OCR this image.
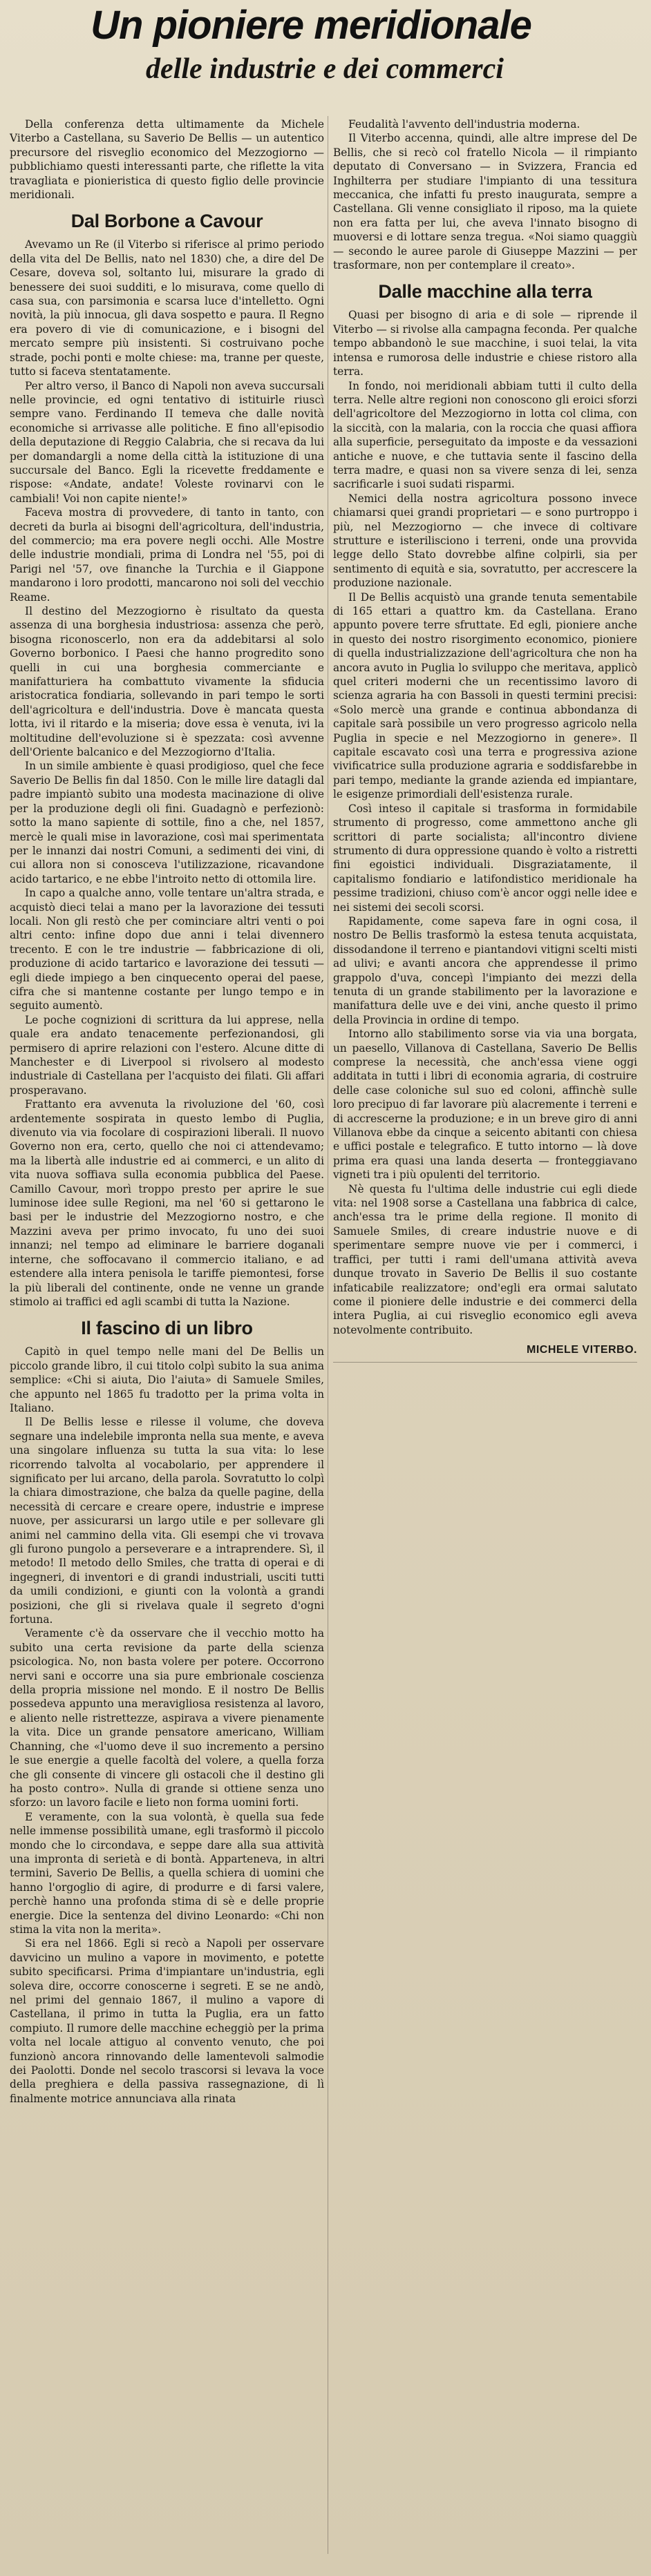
Un pioniere meridionale
delle industrie e dei commerci

Della conferenza detta ultimamente da Michele Viterbo a Castellana, su Saverio De Bellis — un autentico precursore del risveglio economico del Mezzogiorno — pubblichiamo questi interessanti parte, che riflette la vita travagliata e pionieristica di questo figlio delle provincie meridionali.

Dal Borbone a Cavour

Avevamo un Re (il Viterbo si riferisce al primo periodo della vita del De Bellis, nato nel 1830) che, a dire del De Cesare, doveva sol, soltanto lui, misurare la grado di benessere dei suoi sudditi, e lo misurava, come quello di casa sua, con parsimonia e scarsa luce d'intelletto. Ogni novità, la più innocua, gli dava sospetto e paura. Il Regno era povero di vie di comunicazione, e i bisogni del mercato sempre più insistenti. Si costruivano poche strade, pochi ponti e molte chiese: ma, tranne per queste, tutto si faceva stentatamente.

Per altro verso, il Banco di Napoli non aveva succursali nelle provincie, ed ogni tentativo di istituirle riuscì sempre vano. Ferdinando II temeva che dalle novità economiche si arrivasse alle politiche. E fino all'episodio della deputazione di Reggio Calabria, che si recava da lui per domandargli a nome della città la istituzione di una succursale del Banco. Egli la ricevette freddamente e rispose: «Andate, andate! Voleste rovinarvi con le cambiali! Voi non capite niente!»

Faceva mostra di provvedere, di tanto in tanto, con decreti da burla ai bisogni dell'agricoltura, dell'industria, del commercio; ma era povere negli occhi. Alle Mostre delle industrie mondiali, prima di Londra nel '55, poi di Parigi nel '57, ove finanche la Turchia e il Giappone mandarono i loro prodotti, mancarono noi soli del vecchio Reame.

Il destino del Mezzogiorno è risultato da questa assenza di una borghesia industriosa: assenza che però, bisogna riconoscerlo, non era da addebitarsi al solo Governo borbonico. I Paesi che hanno progredito sono quelli in cui una borghesia commerciante e manifatturiera ha combattuto vivamente la sfiducia aristocratica fondiaria, sollevando in pari tempo le sorti dell'agricoltura e dell'industria. Dove è mancata questa lotta, ivi il ritardo e la miseria; dove essa è venuta, ivi la moltitudine dell'evoluzione si è spezzata: così avvenne dell'Oriente balcanico e del Mezzogiorno d'Italia.

In un simile ambiente è quasi prodigioso, quel che fece Saverio De Bellis fin dal 1850. Con le mille lire datagli dal padre impiantò subito una modesta macinazione di olive per la produzione degli oli fini. Guadagnò e perfezionò: sotto la mano sapiente di sottile, fino a che, nel 1857, mercè le quali mise in lavorazione, così mai sperimentata per le innanzi dai nostri Comuni, a sedimenti dei vini, di cui allora non si conosceva l'utilizzazione, ricavandone acido tartarico, e ne ebbe l'introito netto di ottomila lire.

In capo a qualche anno, volle tentare un'altra strada, e acquistò dieci telai a mano per la lavorazione dei tessuti locali. Non gli restò che per cominciare altri venti o poi altri cento: infine dopo due anni i telai divennero trecento. E con le tre industrie — fabbricazione di oli, produzione di acido tartarico e lavorazione dei tessuti — egli diede impiego a ben cinquecento operai del paese, cifra che si mantenne costante per lungo tempo e in seguito aumentò.

Le poche cognizioni di scrittura da lui apprese, nella quale era andato tenacemente perfezionandosi, gli permisero di aprire relazioni con l'estero. Alcune ditte di Manchester e di Liverpool si rivolsero al modesto industriale di Castellana per l'acquisto dei filati. Gli affari prosperavano.

Frattanto era avvenuta la rivoluzione del '60, così ardentemente sospirata in questo lembo di Puglia, divenuto via via focolare di cospirazioni liberali. Il nuovo Governo non era, certo, quello che noi ci attendevamo; ma la libertà alle industrie ed ai commerci, e un alito di vita nuova soffiava sulla economia pubblica del Paese. Camillo Cavour, morì troppo presto per aprire le sue luminose idee sulle Regioni, ma nel '60 si gettarono le basi per le industrie del Mezzogiorno nostro, e che Mazzini aveva per primo invocato, fu uno dei suoi innanzi; nel tempo ad eliminare le barriere doganali interne, che soffocavano il commercio italiano, e ad estendere alla intera penisola le tariffe piemontesi, forse la più liberali del continente, onde ne venne un grande stimolo ai traffici ed agli scambi di tutta la Nazione.

Il fascino di un libro

Capitò in quel tempo nelle mani del De Bellis un piccolo grande libro, il cui titolo colpì subito la sua anima semplice: «Chi si aiuta, Dio l'aiuta» di Samuele Smiles, che appunto nel 1865 fu tradotto per la prima volta in Italiano.

Il De Bellis lesse e rilesse il volume, che doveva segnare una indelebile impronta nella sua mente, e aveva una singolare influenza su tutta la sua vita: lo lese ricorrendo talvolta al vocabolario, per apprendere il significato per lui arcano, della parola. Sovratutto lo colpì la chiara dimostrazione, che balza da quelle pagine, della necessità di cercare e creare opere, industrie e imprese nuove, per assicurarsi un largo utile e per sollevare gli animi nel cammino della vita. Gli esempi che vi trovava gli furono pungolo a perseverare e a intraprendere. Sì, il metodo! Il metodo dello Smiles, che tratta di operai e di ingegneri, di inventori e di grandi industriali, usciti tutti da umili condizioni, e giunti con la volontà a grandi posizioni, che gli si rivelava quale il segreto d'ogni fortuna.

Veramente c'è da osservare che il vecchio motto ha subito una certa revisione da parte della scienza psicologica. No, non basta volere per potere. Occorrono nervi sani e occorre una sia pure embrionale coscienza della propria missione nel mondo. E il nostro De Bellis possedeva appunto una meravigliosa resistenza al lavoro, e aliento nelle ristrettezze, aspirava a vivere pienamente la vita. Dice un grande pensatore americano, William Channing, che «l'uomo deve il suo incremento a persino le sue energie a quelle facoltà del volere, a quella forza che gli consente di vincere gli ostacoli che il destino gli ha posto contro». Nulla di grande si ottiene senza uno sforzo: un lavoro facile e lieto non forma uomini forti.

E veramente, con la sua volontà, è quella sua fede nelle immense possibilità umane, egli trasformò il piccolo mondo che lo circondava, e seppe dare alla sua attività una impronta di serietà e di bontà. Apparteneva, in altri termini, Saverio De Bellis, a quella schiera di uomini che hanno l'orgoglio di agire, di produrre e di farsi valere, perchè hanno una profonda stima di sè e delle proprie energie. Dice la sentenza del divino Leonardo: «Chi non stima la vita non la merita».

Si era nel 1866. Egli si recò a Napoli per osservare davvicino un mulino a vapore in movimento, e potette subito specificarsi. Prima d'impiantare un'industria, egli soleva dire, occorre conoscerne i segreti. E se ne andò, nel primi del gennaio 1867, il mulino a vapore di Castellana, il primo in tutta la Puglia, era un fatto compiuto. Il rumore delle macchine echeggiò per la prima volta nel locale attiguo al convento venuto, che poi funzionò ancora rinnovando delle lamentevoli salmodie dei Paolotti. Donde nel secolo trascorsi si levava la voce della preghiera e della passiva rassegnazione, di lì finalmente motrice annunciava alla rinata

Feudalità l'avvento dell'industria moderna.

Il Viterbo accenna, quindi, alle altre imprese del De Bellis, che si recò col fratello Nicola — il rimpianto deputato di Conversano — in Svizzera, Francia ed Inghilterra per studiare l'impianto di una tessitura meccanica, che infatti fu presto inaugurata, sempre a Castellana. Gli venne consigliato il riposo, ma la quiete non era fatta per lui, che aveva l'innato bisogno di muoversi e di lottare senza tregua. «Noi siamo quaggiù — secondo le auree parole di Giuseppe Mazzini — per trasformare, non per contemplare il creato».

Dalle macchine alla terra

Quasi per bisogno di aria e di sole — riprende il Viterbo — si rivolse alla campagna feconda. Per qualche tempo abbandonò le sue macchine, i suoi telai, la vita intensa e rumorosa delle industrie e chiese ristoro alla terra.

In fondo, noi meridionali abbiam tutti il culto della terra. Nelle altre regioni non conoscono gli eroici sforzi dell'agricoltore del Mezzogiorno in lotta col clima, con la siccità, con la malaria, con la roccia che quasi affiora alla superficie, perseguitato da imposte e da vessazioni antiche e nuove, e che tuttavia sente il fascino della terra madre, e quasi non sa vivere senza di lei, senza sacrificarle i suoi sudati risparmi.

Nemici della nostra agricoltura possono invece chiamarsi quei grandi proprietari — e sono purtroppo i più, nel Mezzogiorno — che invece di coltivare strutture e isterilisciono i terreni, onde una provvida legge dello Stato dovrebbe alfine colpirli, sia per sentimento di equità e sia, sovratutto, per accrescere la produzione nazionale.

Il De Bellis acquistò una grande tenuta sementabile di 165 ettari a quattro km. da Castellana. Erano appunto povere terre sfruttate. Ed egli, pioniere anche in questo dei nostro risorgimento economico, pioniere di quella industrializzazione dell'agricoltura che non ha ancora avuto in Puglia lo sviluppo che meritava, applicò quel criteri moderni che un recentissimo lavoro di scienza agraria ha con Bassoli in questi termini precisi: «Solo mercè una grande e continua abbondanza di capitale sarà possibile un vero progresso agricolo nella Puglia in specie e nel Mezzogiorno in genere». Il capitale escavato così una terra e progressiva azione vivificatrice sulla produzione agraria e soddisfarebbe in pari tempo, mediante la grande azienda ed impiantare, le esigenze primordiali dell'esistenza rurale.

Così inteso il capitale si trasforma in formidabile strumento di progresso, come ammettono anche gli scrittori di parte socialista; all'incontro diviene strumento di dura oppressione quando è volto a ristretti fini egoistici individuali. Disgraziatamente, il capitalismo fondiario e latifondistico meridionale ha pessime tradizioni, chiuso com'è ancor oggi nelle idee e nei sistemi dei secoli scorsi.

Rapidamente, come sapeva fare in ogni cosa, il nostro De Bellis trasformò la estesa tenuta acquistata, dissodandone il terreno e piantandovi vitigni scelti misti ad ulivi; e avanti ancora che apprendesse il primo grappolo d'uva, concepì l'impianto dei mezzi della tenuta di un grande stabilimento per la lavorazione e manifattura delle uve e dei vini, anche questo il primo della Provincia in ordine di tempo.

Intorno allo stabilimento sorse via via una borgata, un paesello, Villanova di Castellana, Saverio De Bellis comprese la necessità, che anch'essa viene oggi additata in tutti i libri di economia agraria, di costruire delle case coloniche sul suo ed coloni, affinchè sulle loro precipuo di far lavorare più alacremente i terreni e di accrescerne la produzione; e in un breve giro di anni Villanova ebbe da cinque a seicento abitanti con chiesa e uffici postale e telegrafico. E tutto intorno — là dove prima era quasi una landa deserta — fronteggiavano vigneti tra i più opulenti del territorio.

Nè questa fu l'ultima delle industrie cui egli diede vita: nel 1908 sorse a Castellana una fabbrica di calce, anch'essa tra le prime della regione. Il monito di Samuele Smiles, di creare industrie nuove e di sperimentare sempre nuove vie per i commerci, i traffici, per tutti i rami dell'umana attività aveva dunque trovato in Saverio De Bellis il suo costante infaticabile realizzatore; ond'egli era ormai salutato come il pioniere delle industrie e dei commerci della intera Puglia, ai cui risveglio economico egli aveva notevolmente contribuito.

MICHELE VITERBO.
